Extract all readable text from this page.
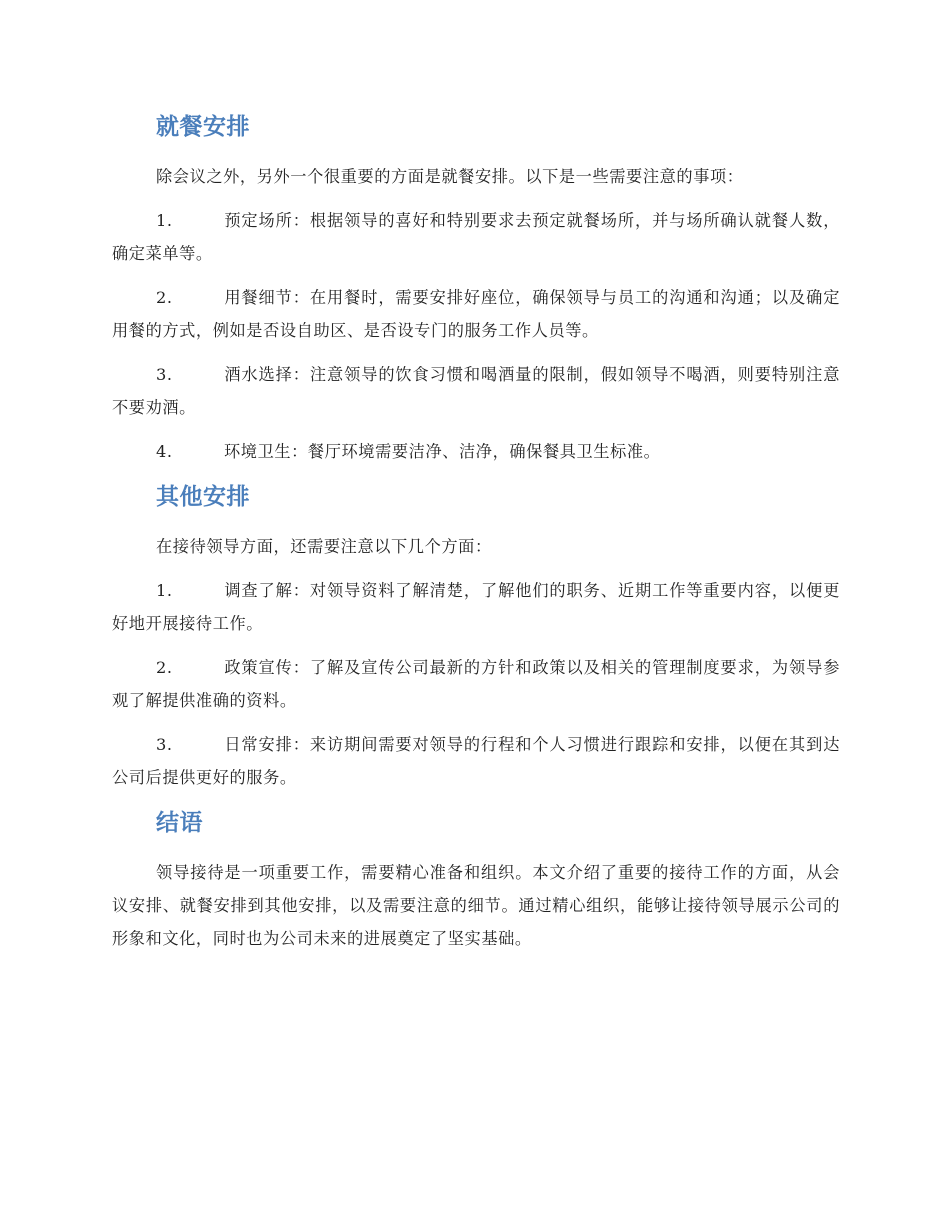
就餐安排

除会议之外，另外一个很重要的方面是就餐安排。以下是一些需要注意的事项：

1.	预定场所：根据领导的喜好和特别要求去预定就餐场所，并与场所确认就餐人数，确定菜单等。

2.	用餐细节：在用餐时，需要安排好座位，确保领导与员工的沟通和沟通；以及确定用餐的方式，例如是否设自助区、是否设专门的服务工作人员等。

3.	酒水选择：注意领导的饮食习惯和喝酒量的限制，假如领导不喝酒，则要特别注意不要劝酒。

4.	环境卫生：餐厅环境需要洁净、洁净，确保餐具卫生标准。

其他安排

在接待领导方面，还需要注意以下几个方面：

1.	调查了解：对领导资料了解清楚，了解他们的职务、近期工作等重要内容，以便更好地开展接待工作。

2.	政策宣传：了解及宣传公司最新的方针和政策以及相关的管理制度要求，为领导参观了解提供准确的资料。

3.	日常安排：来访期间需要对领导的行程和个人习惯进行跟踪和安排，以便在其到达公司后提供更好的服务。

结语

领导接待是一项重要工作，需要精心准备和组织。本文介绍了重要的接待工作的方面，从会议安排、就餐安排到其他安排，以及需要注意的细节。通过精心组织，能够让接待领导展示公司的形象和文化，同时也为公司未来的进展奠定了坚实基础。
